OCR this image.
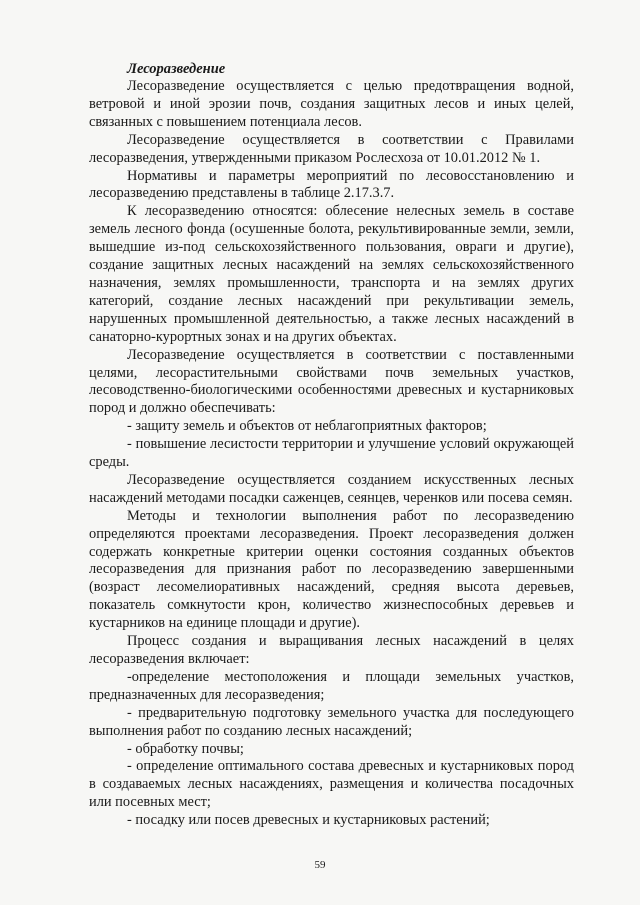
Лесоразведение

Лесоразведение осуществляется с целью предотвращения водной, ветровой и иной эрозии почв, создания защитных лесов и иных целей, связанных с повышением потенциала лесов.

Лесоразведение осуществляется в соответствии с Правилами лесоразведения, утвержденными приказом Рослесхоза от 10.01.2012 № 1.

Нормативы и параметры мероприятий по лесовосстановлению и лесоразведению представлены в таблице 2.17.3.7.

К лесоразведению относятся: облесение нелесных земель в составе земель лесного фонда (осушенные болота, рекультивированные земли, земли, вышедшие из-под сельскохозяйственного пользования, овраги и другие), создание защитных лесных насаждений на землях сельскохозяйственного назначения, землях промышленности, транспорта и на землях других категорий, создание лесных насаждений при рекультивации земель, нарушенных промышленной деятельностью, а также лесных насаждений в санаторно-курортных зонах и на других объектах.

Лесоразведение осуществляется в соответствии с поставленными целями, лесорастительными свойствами почв земельных участков, лесоводственно-биологическими особенностями древесных и кустарниковых пород и должно обеспечивать:

- защиту земель и объектов от неблагоприятных факторов;

- повышение лесистости территории и улучшение условий окружающей среды.

Лесоразведение осуществляется созданием искусственных лесных насаждений методами посадки саженцев, сеянцев, черенков или посева семян.

Методы и технологии выполнения работ по лесоразведению определяются проектами лесоразведения. Проект лесоразведения должен содержать конкретные критерии оценки состояния созданных объектов лесоразведения для признания работ по лесоразведению завершенными (возраст лесомелиоративных насаждений, средняя высота деревьев, показатель сомкнутости крон, количество жизнеспособных деревьев и кустарников на единице площади и другие).

Процесс создания и выращивания лесных насаждений в целях лесоразведения включает:

-определение местоположения и площади земельных участков, предназначенных для лесоразведения;

- предварительную подготовку земельного участка для последующего выполнения работ по созданию лесных насаждений;

- обработку почвы;

- определение оптимального состава древесных и кустарниковых пород в создаваемых лесных насаждениях, размещения и количества посадочных или посевных мест;

- посадку или посев древесных и кустарниковых растений;

59
